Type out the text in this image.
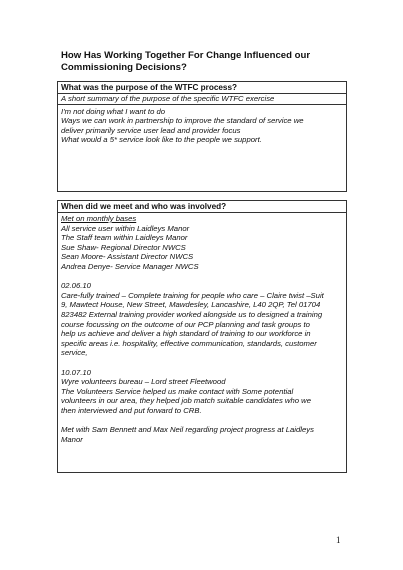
How Has Working Together For Change Influenced our
Commissioning Decisions?
What was the purpose of the WTFC process?
A short summary of the purpose of the specific WTFC exercise

I'm not doing what I want to do

Ways we can work in partnership to improve the standard of service we

deliver primarily service user lead and provider focus

What would a 5* service look like to the people we support.

When did we meet and who was involved?

Met on monthly bases

All service user within Laidleys Manor

The Staff team within Laidleys Manor

Sue Shaw- Regional Director NWCS

Sean Moore- Assistant Director NWCS

Andrea Denye- Service Manager NWCS

02.06.10

Care-fully trained – Complete training for people who care – Claire twist –Suit

9, Mawtect House, New Street, Mawdesley, Lancashire, L40 2QP, Tel 01704

823482 External training provider worked alongside us to designed a training

course focussing on the outcome of our PCP planning and task groups to

help us achieve and deliver a high standard of training to our workforce in

specific areas i.e. hospitality, effective communication, standards, customer

service,

10.07.10

Wyre volunteers bureau – Lord street Fleetwood

The Volunteers Service helped us make contact with Some potential

volunteers in our area, they helped job match suitable candidates who we

then interviewed and put forward to CRB.

Met with Sam Bennett and Max Neil regarding project progress at Laidleys

Manor

1
